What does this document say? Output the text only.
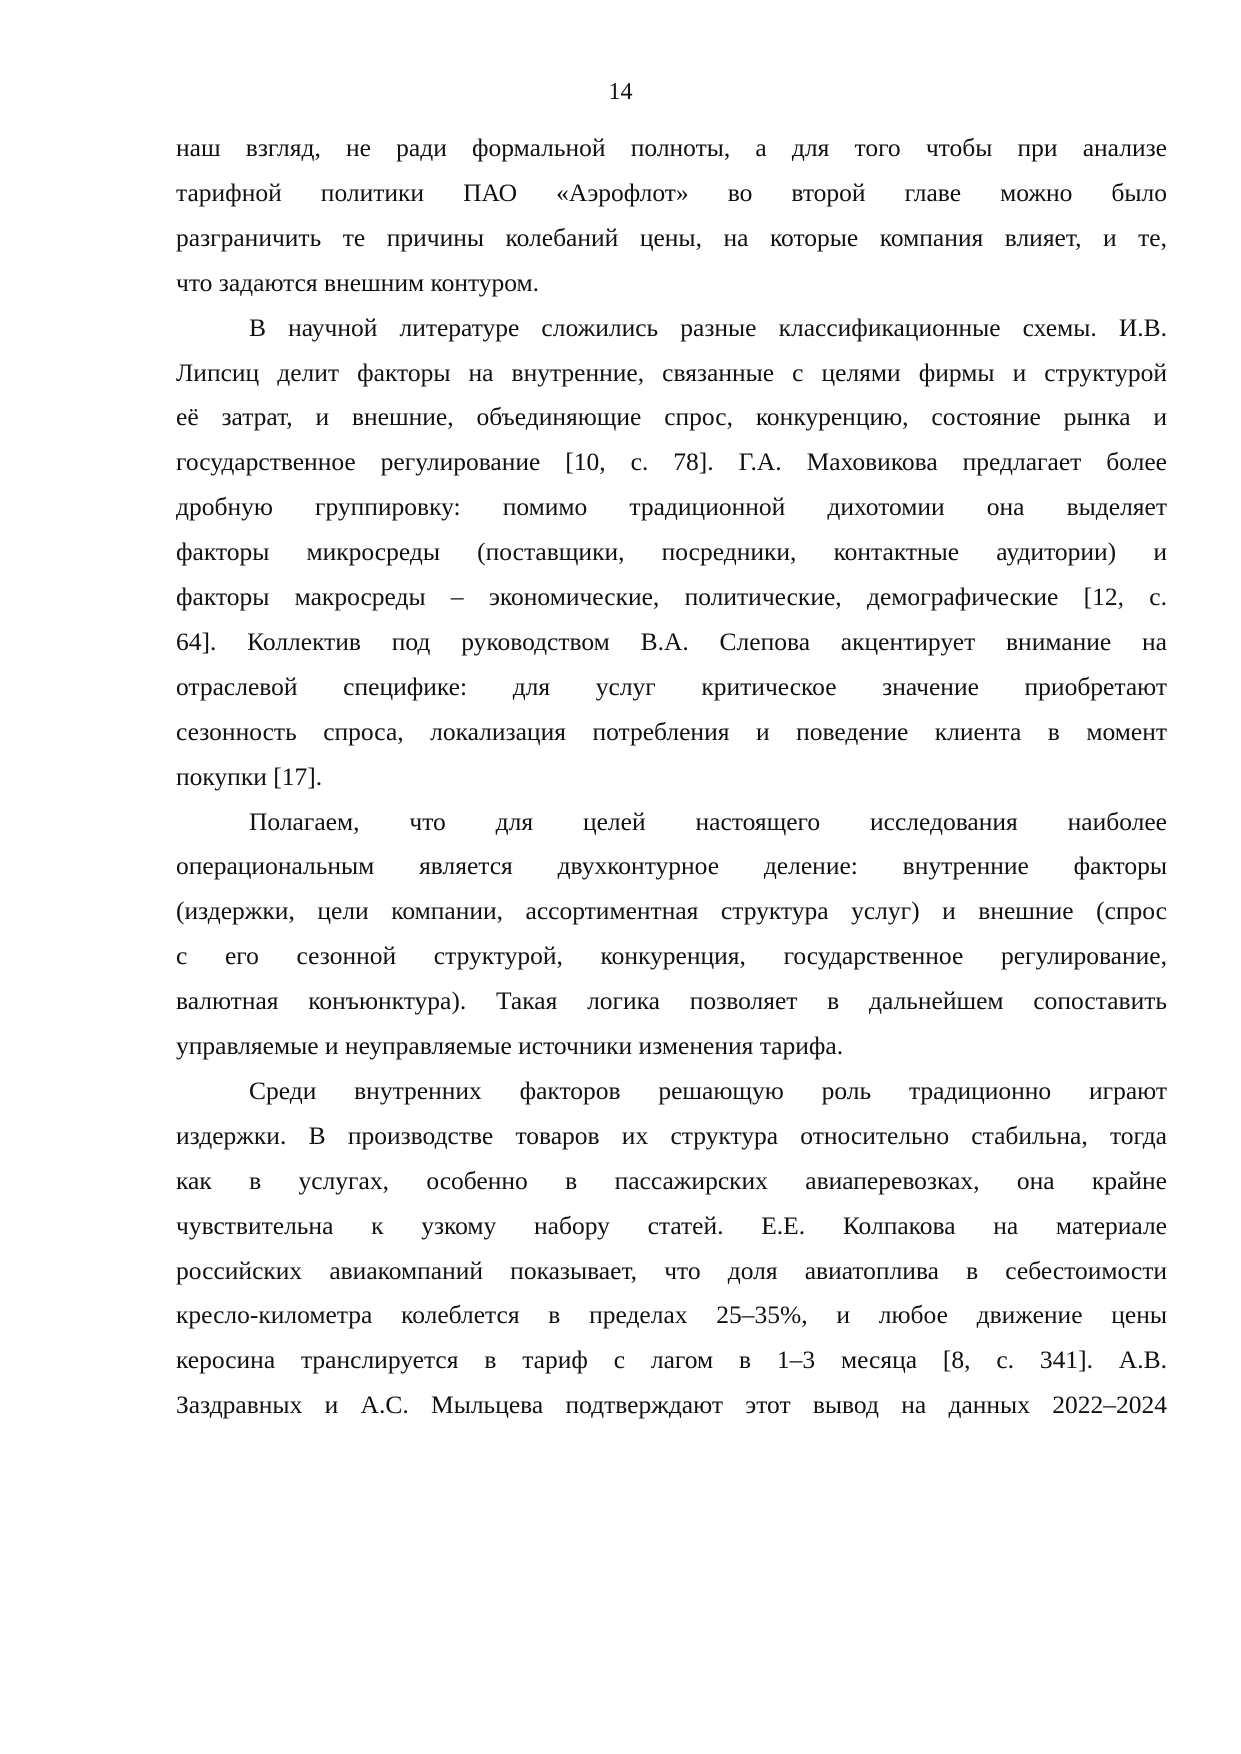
14
наш взгляд, не ради формальной полноты, а для того чтобы при анализе
тарифной политики ПАО «Аэрофлот» во второй главе можно было
разграничить те причины колебаний цены, на которые компания влияет, и те,
что задаются внешним контуром.
В научной литературе сложились разные классификационные схемы. И.В.
Липсиц делит факторы на внутренние, связанные с целями фирмы и структурой
её затрат, и внешние, объединяющие спрос, конкуренцию, состояние рынка и
государственное регулирование [10, с. 78]. Г.А. Маховикова предлагает более
дробную группировку: помимо традиционной дихотомии она выделяет
факторы микросреды (поставщики, посредники, контактные аудитории) и
факторы макросреды – экономические, политические, демографические [12, с.
64]. Коллектив под руководством В.А. Слепова акцентирует внимание на
отраслевой специфике: для услуг критическое значение приобретают
сезонность спроса, локализация потребления и поведение клиента в момент
покупки [17].
Полагаем, что для целей настоящего исследования наиболее
операциональным является двухконтурное деление: внутренние факторы
(издержки, цели компании, ассортиментная структура услуг) и внешние (спрос
с его сезонной структурой, конкуренция, государственное регулирование,
валютная конъюнктура). Такая логика позволяет в дальнейшем сопоставить
управляемые и неуправляемые источники изменения тарифа.
Среди внутренних факторов решающую роль традиционно играют
издержки. В производстве товаров их структура относительно стабильна, тогда
как в услугах, особенно в пассажирских авиаперевозках, она крайне
чувствительна к узкому набору статей. Е.Е. Колпакова на материале
российских авиакомпаний показывает, что доля авиатоплива в себестоимости
кресло-километра колеблется в пределах 25–35%, и любое движение цены
керосина транслируется в тариф с лагом в 1–3 месяца [8, с. 341]. А.В.
Заздравных и А.С. Мыльцева подтверждают этот вывод на данных 2022–2024
